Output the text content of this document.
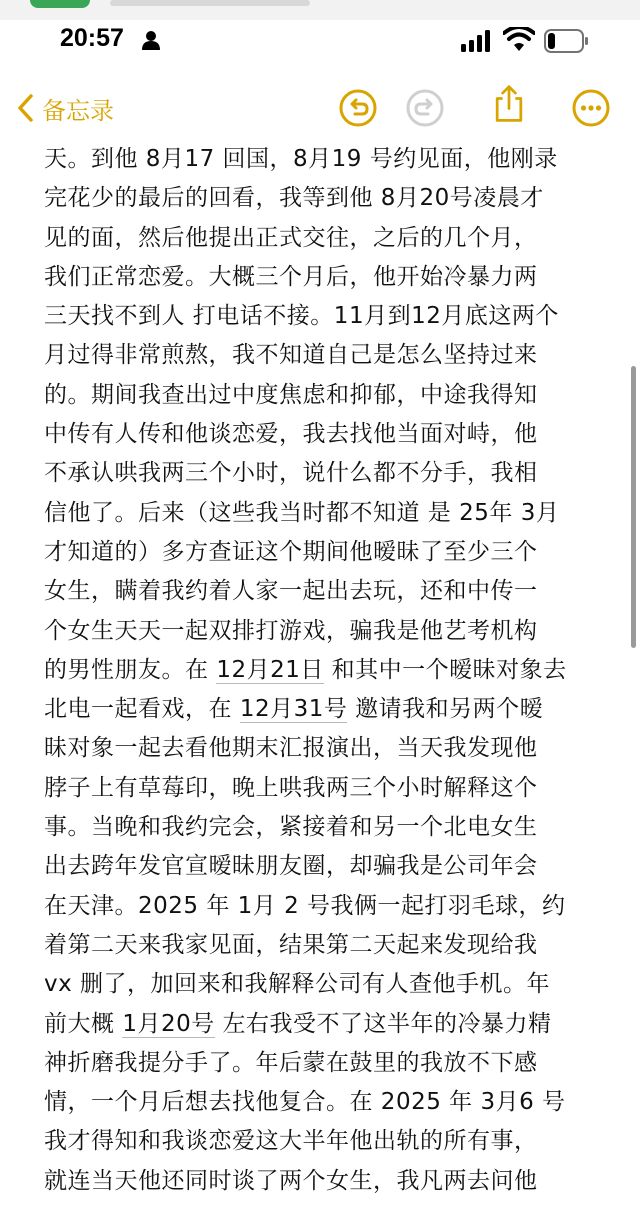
20:57
备忘录
天。到他 8月17 回国，8月19 号约见面，他刚录
完花少的最后的回看，我等到他 8月20号凌晨才
见的面，然后他提出正式交往，之后的几个月，
我们正常恋爱。大概三个月后，他开始冷暴力两
三天找不到人 打电话不接。11月到12月底这两个
月过得非常煎熬，我不知道自己是怎么坚持过来
的。期间我查出过中度焦虑和抑郁，中途我得知
中传有人传和他谈恋爱，我去找他当面对峙，他
不承认哄我两三个小时，说什么都不分手，我相
信他了。后来（这些我当时都不知道 是 25年 3月
才知道的）多方查证这个期间他暧昧了至少三个
女生，瞒着我约着人家一起出去玩，还和中传一
个女生天天一起双排打游戏，骗我是他艺考机构
的男性朋友。在 12月21日 和其中一个暧昧对象去
北电一起看戏，在 12月31号 邀请我和另两个暧
昧对象一起去看他期末汇报演出，当天我发现他
脖子上有草莓印，晚上哄我两三个小时解释这个
事。当晚和我约完会，紧接着和另一个北电女生
出去跨年发官宣暧昧朋友圈，却骗我是公司年会
在天津。2025 年 1月 2 号我俩一起打羽毛球，约
着第二天来我家见面，结果第二天起来发现给我
vx 删了，加回来和我解释公司有人查他手机。年
前大概 1月20号 左右我受不了这半年的冷暴力精
神折磨我提分手了。年后蒙在鼓里的我放不下感
情，一个月后想去找他复合。在 2025 年 3月6 号
我才得知和我谈恋爱这大半年他出轨的所有事，
就连当天他还同时谈了两个女生，我凡两去问他
